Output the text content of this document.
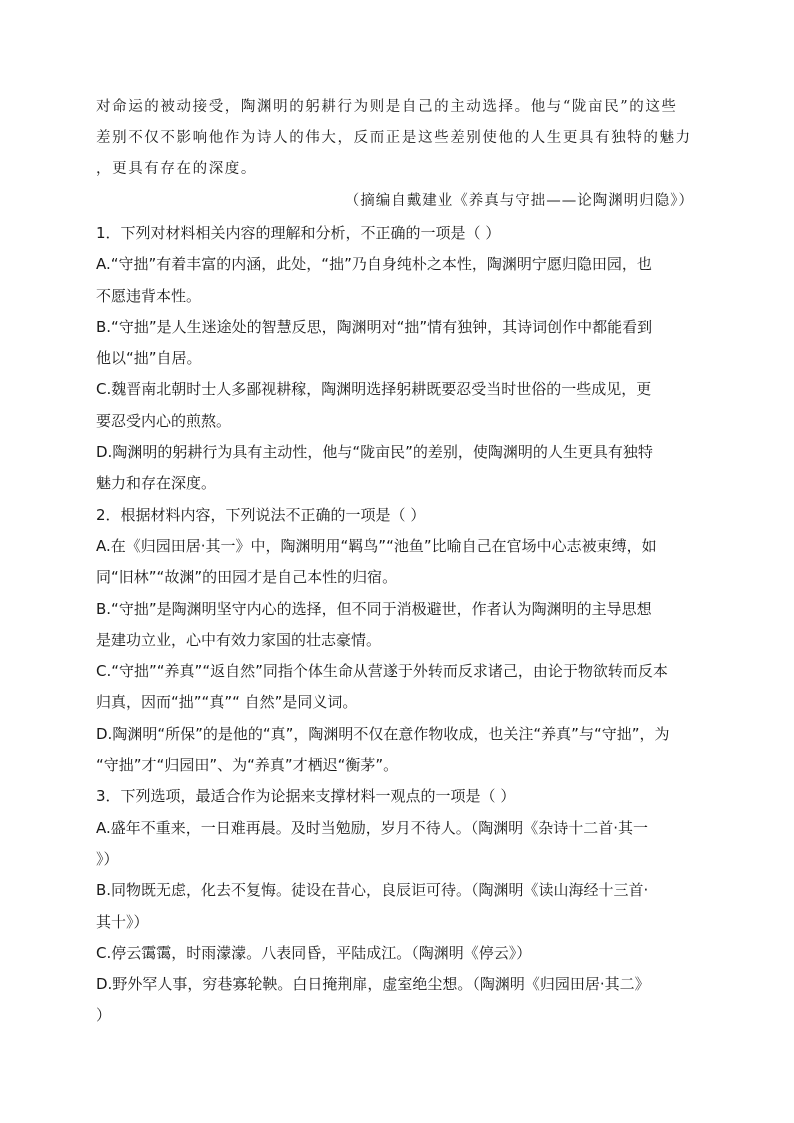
对命运的被动接受，陶渊明的躬耕行为则是自己的主动选择。他与“陇亩民”的这些
差别不仅不影响他作为诗人的伟大，反而正是这些差别使他的人生更具有独特的魅力
，更具有存在的深度。
（摘编自戴建业《养真与守拙——论陶渊明归隐》）
1．下列对材料相关内容的理解和分析，不正确的一项是（ ）
A.“守拙”有着丰富的内涵，此处，“拙”乃自身纯朴之本性，陶渊明宁愿归隐田园，也
不愿违背本性。
B.“守拙”是人生迷途处的智慧反思，陶渊明对“拙”情有独钟，其诗词创作中都能看到
他以“拙”自居。
C.魏晋南北朝时士人多鄙视耕稼，陶渊明选择躬耕既要忍受当时世俗的一些成见，更
要忍受内心的煎熬。
D.陶渊明的躬耕行为具有主动性，他与“陇亩民”的差别，使陶渊明的人生更具有独特
魅力和存在深度。
2．根据材料内容，下列说法不正确的一项是（ ）
A.在《归园田居·其一》中，陶渊明用“羁鸟”“池鱼”比喻自己在官场中心志被束缚，如
同“旧林”“故渊”的田园才是自己本性的归宿。
B.“守拙”是陶渊明坚守内心的选择，但不同于消极避世，作者认为陶渊明的主导思想
是建功立业，心中有效力家国的壮志豪情。
C.“守拙”“养真”“返自然”同指个体生命从营遂于外转而反求诸己，由论于物欲转而反本
归真，因而“拙”“真”“ 自然”是同义词。
D.陶渊明“所保”的是他的“真”，陶渊明不仅在意作物收成，也关注“养真”与“守拙”，为
“守拙”才“归园田”、为“养真”才栖迟“衡茅”。
3．下列选项，最适合作为论据来支撑材料一观点的一项是（ ）
A.盛年不重来，一日难再晨。及时当勉励，岁月不待人。（陶渊明《杂诗十二首·其一
》）
B.同物既无虑，化去不复悔。徒设在昔心，良辰讵可待。（陶渊明《读山海经十三首·
其十》）
C.停云霭霭，时雨濛濛。八表同昏，平陆成江。（陶渊明《停云》）
D.野外罕人事，穷巷寡轮鞅。白日掩荆扉，虚室绝尘想。（陶渊明《归园田居·其二》
）
